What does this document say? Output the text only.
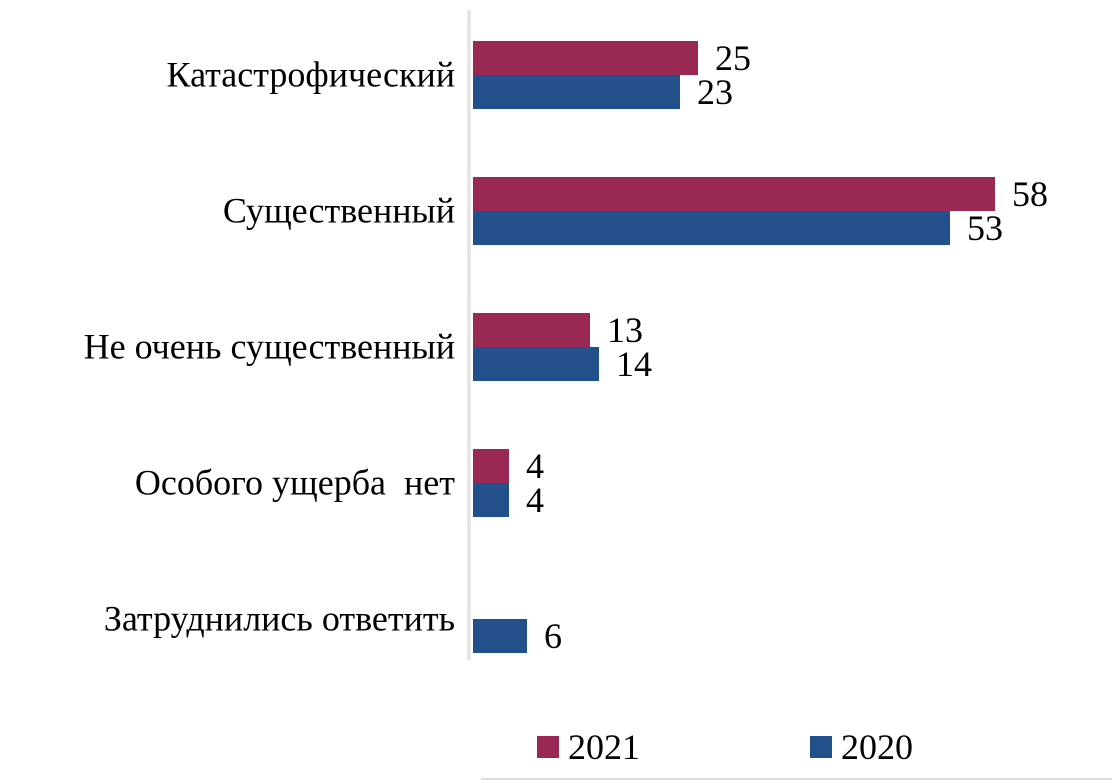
Катастрофический	25
23
Существенный	58
53
Не очень существенный	13
14
Особого ущерба  нет 4
4
Затруднились ответить 6
2021	2020
